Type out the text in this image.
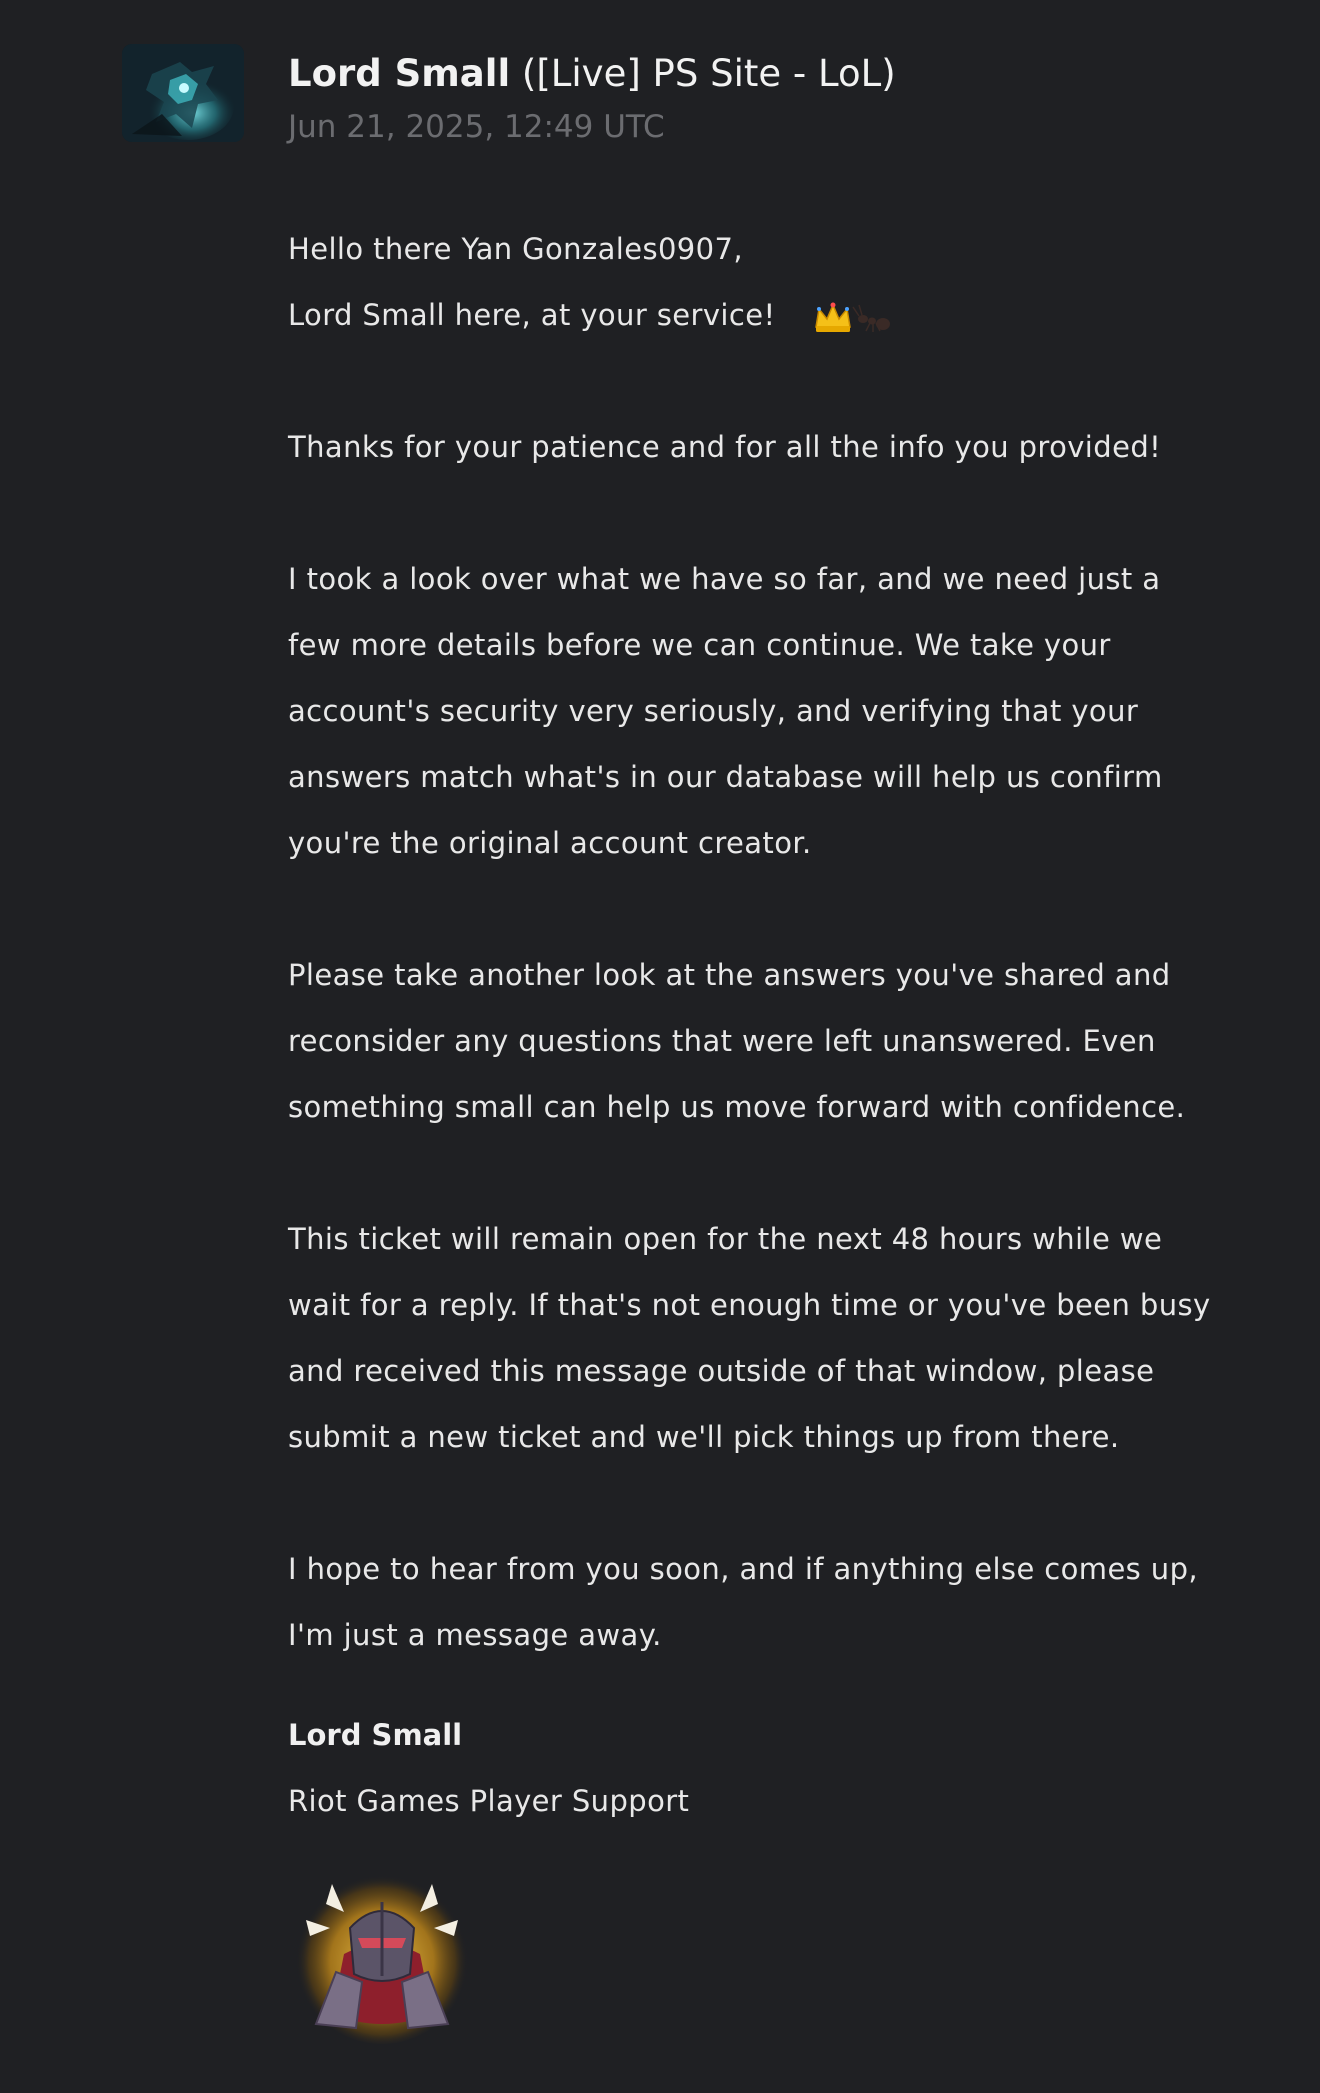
Lord Small ([Live] PS Site - LoL)
Jun 21, 2025, 12:49 UTC

Hello there Yan Gonzales0907,

Lord Small here, at your service!

Thanks for your patience and for all the info you provided!

I took a look over what we have so far, and we need just a

few more details before we can continue. We take your

account's security very seriously, and verifying that your

answers match what's in our database will help us confirm

you're the original account creator.

Please take another look at the answers you've shared and

reconsider any questions that were left unanswered. Even

something small can help us move forward with confidence.

This ticket will remain open for the next 48 hours while we

wait for a reply. If that's not enough time or you've been busy

and received this message outside of that window, please

submit a new ticket and we'll pick things up from there.

I hope to hear from you soon, and if anything else comes up,

I'm just a message away.

Lord Small
Riot Games Player Support
